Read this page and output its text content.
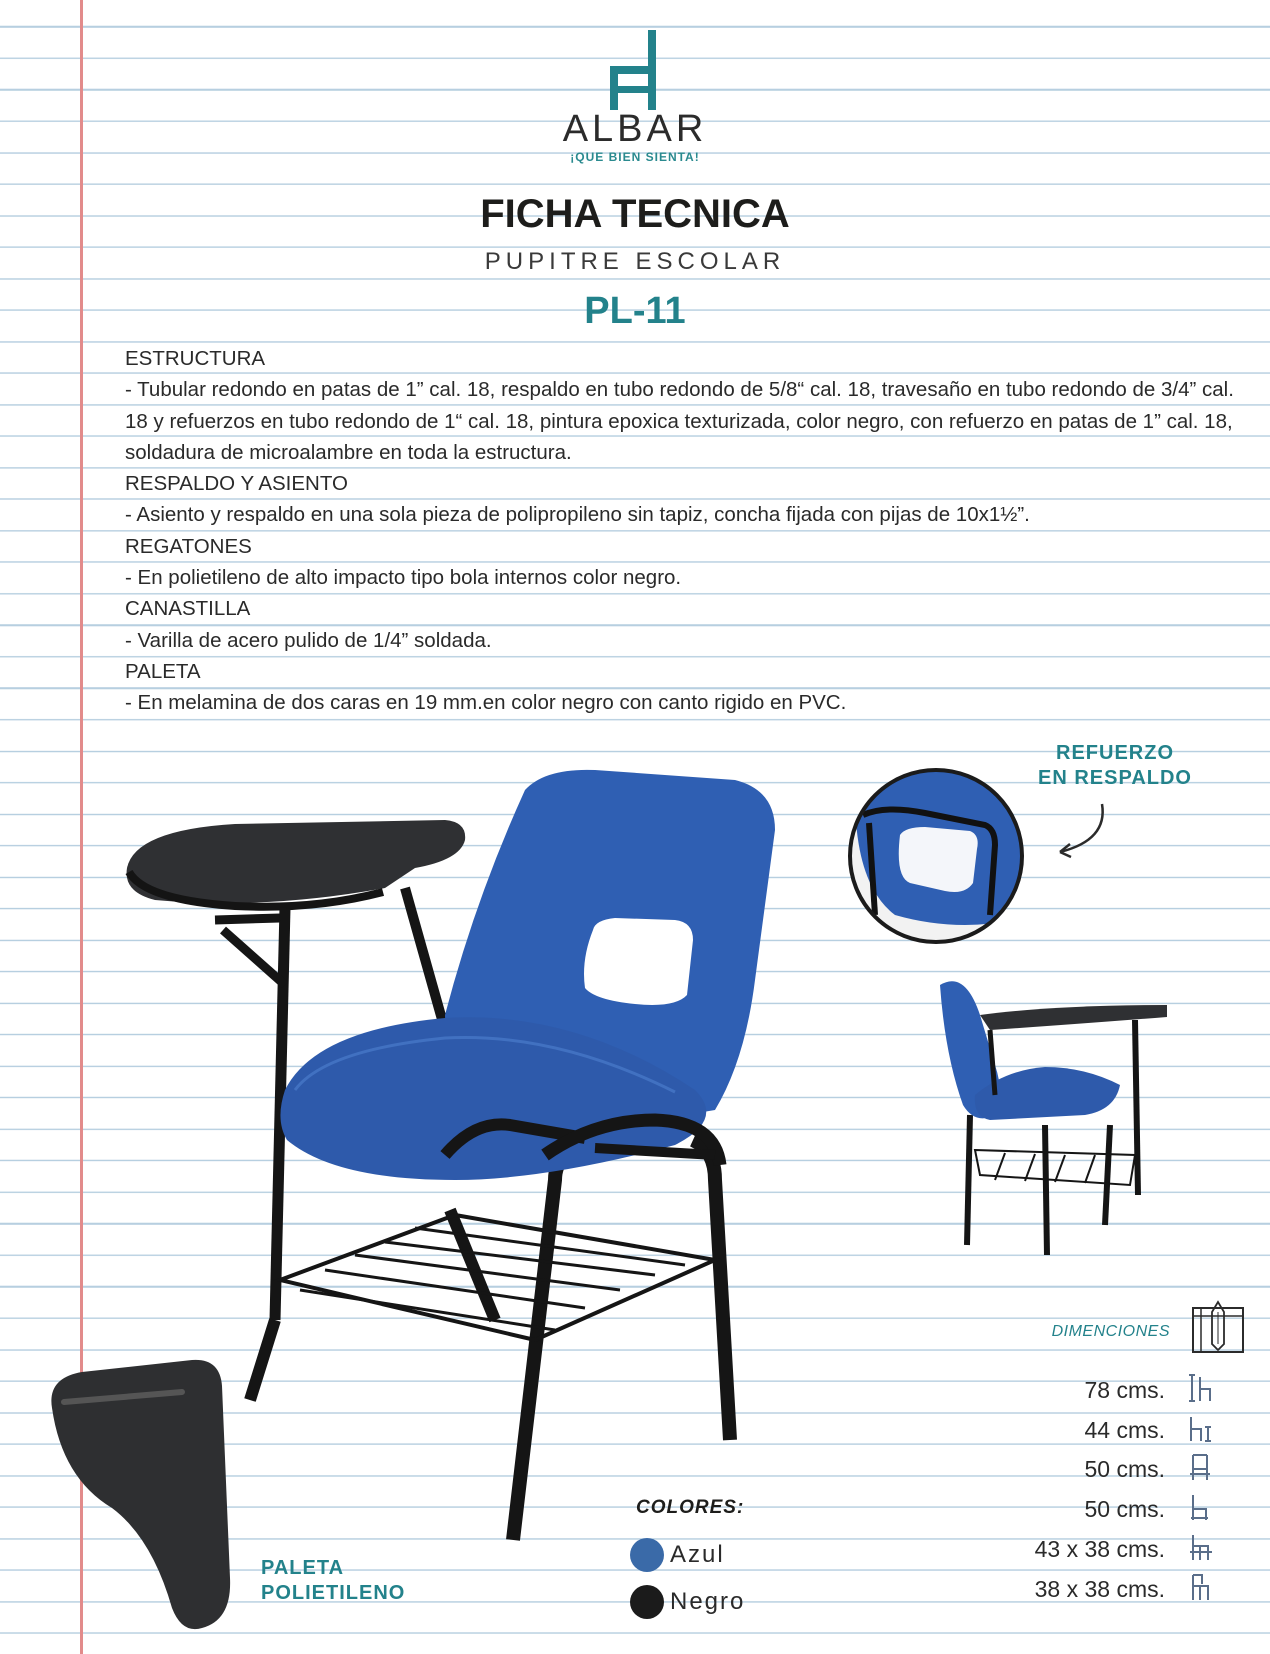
ALBAR
¡QUE BIEN SIENTA!
FICHA TECNICA
PUPITRE ESCOLAR
PL-11
ESTRUCTURA
- Tubular redondo en patas de 1” cal. 18, respaldo en tubo redondo de 5/8“ cal. 18, travesaño en tubo redondo de 3/4” cal. 18 y refuerzos en tubo redondo de 1“ cal. 18, pintura epoxica texturizada, color negro, con refuerzo en patas de 1” cal. 18, soldadura de microalambre en toda la estructura.
RESPALDO Y ASIENTO
- Asiento y respaldo en una sola pieza de polipropileno sin tapiz, concha fijada con pijas de 10x1½”.
REGATONES
- En polietileno de alto impacto tipo bola internos color negro.
CANASTILLA
- Varilla de acero pulido de 1/4” soldada.
PALETA
- En melamina de dos caras en 19 mm.en color negro con canto rigido en PVC.
REFUERZO
EN RESPALDO
PALETA
POLIETILENO
COLORES:
Azul
Negro
DIMENCIONES
78 cms.
44 cms.
50 cms.
50 cms.
43 x 38 cms.
38 x 38 cms.
